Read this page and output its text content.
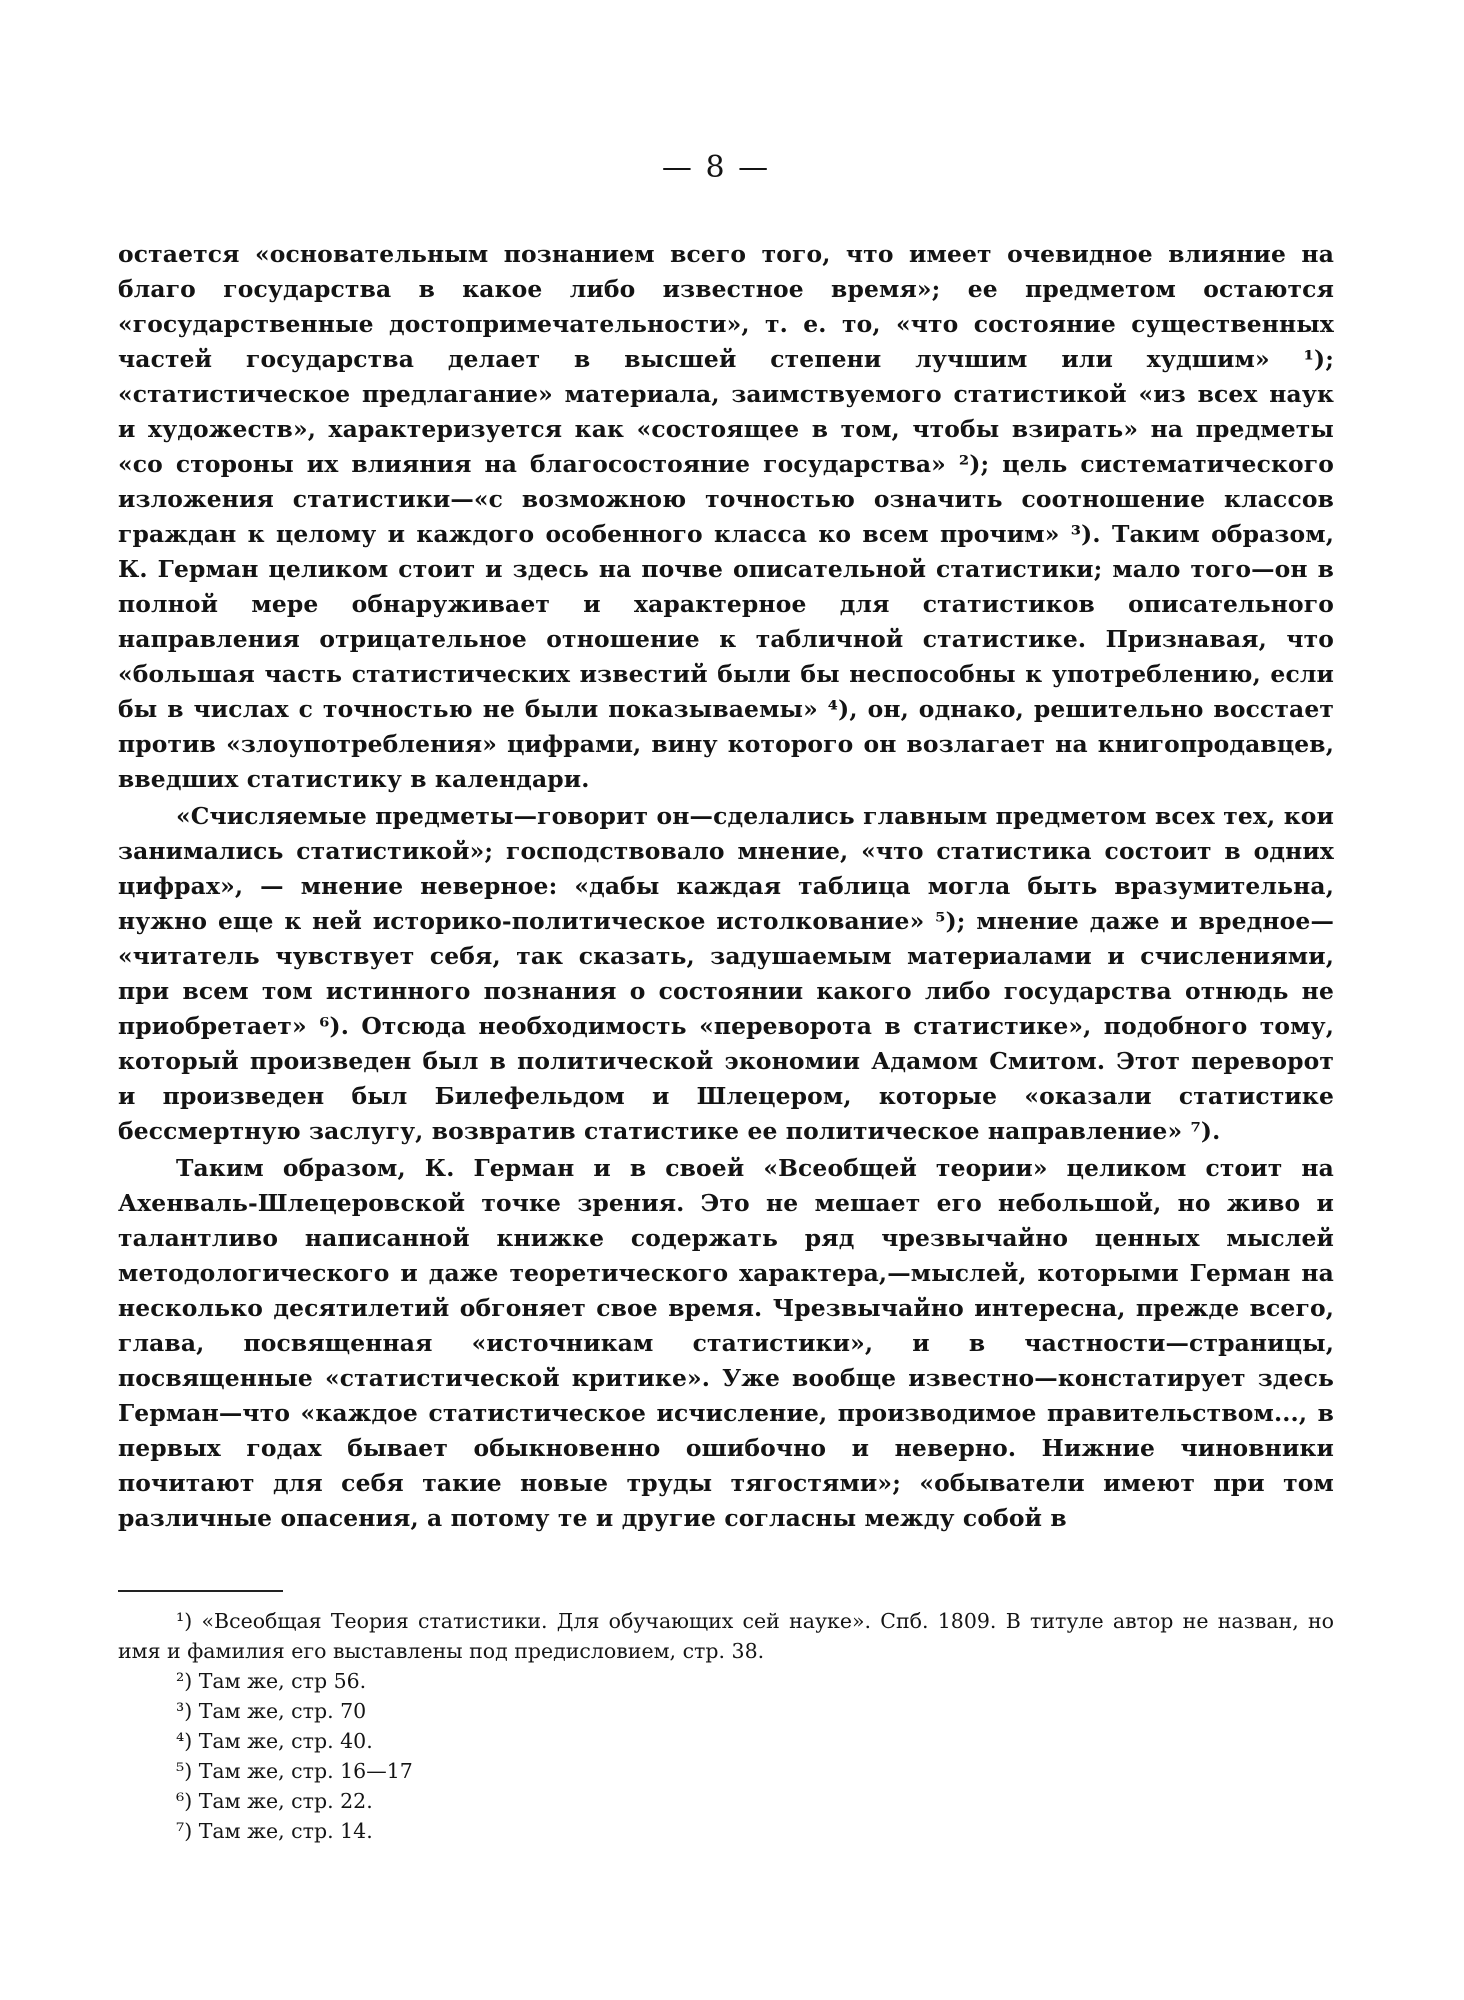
— 8 —

остается «основательным познанием всего того, что имеет очевидное влияние на благо государства в какое либо известное время»; ее предметом остаются «государственные достопримечательности», т. е. то, «что состояние существенных частей государства делает в высшей степени лучшим или худшим» ¹); «статистическое предлагание» материала, заимствуемого статистикой «из всех наук и художеств», характеризуется как «состоящее в том, чтобы взирать» на предметы «со стороны их влияния на благосостояние государства» ²); цель систематического изложения статистики—«с возможною точностью означить соотношение классов граждан к целому и каждого особенного класса ко всем прочим» ³). Таким образом, К. Герман целиком стоит и здесь на почве описательной статистики; мало того—он в полной мере обнаруживает и характерное для статистиков описательного направления отрицательное отношение к табличной статистике. Признавая, что «большая часть статистических известий были бы неспособны к употреблению, если бы в числах с точностью не были показываемы» ⁴), он, однако, решительно восстает против «злоупотребления» цифрами, вину которого он возлагает на книгопродавцев, введших статистику в календари.

«Счисляемые предметы—говорит он—сделались главным предметом всех тех, кои занимались статистикой»; господствовало мнение, «что статистика состоит в одних цифрах», — мнение неверное: «дабы каждая таблица могла быть вразумительна, нужно еще к ней историко-политическое истолкование» ⁵); мнение даже и вредное— «читатель чувствует себя, так сказать, задушаемым материалами и счислениями, при всем том истинного познания о состоянии какого либо государства отнюдь не приобретает» ⁶). Отсюда необходимость «переворота в статистике», подобного тому, который произведен был в политической экономии Адамом Смитом. Этот переворот и произведен был Билефельдом и Шлецером, которые «оказали статистике бессмертную заслугу, возвратив статистике ее политическое направление» ⁷).

Таким образом, К. Герман и в своей «Всеобщей теории» целиком стоит на Ахенваль-Шлецеровской точке зрения. Это не мешает его небольшой, но живо и талантливо написанной книжке содержать ряд чрезвычайно ценных мыслей методологического и даже теоретического характера,—мыслей, которыми Герман на несколько десятилетий обгоняет свое время. Чрезвычайно интересна, прежде всего, глава, посвященная «источникам статистики», и в частности—страницы, посвященные «статистической критике». Уже вообще известно—констатирует здесь Герман—что «каждое статистическое исчисление, производимое правительством..., в первых годах бывает обыкновенно ошибочно и неверно. Нижние чиновники почитают для себя такие новые труды тягостями»; «обыватели имеют при том различные опасения, а потому те и другие согласны между собой в

¹) «Всеобщая Теория статистики. Для обучающих сей науке». Спб. 1809. В титуле автор не назван, но имя и фамилия его выставлены под предисловием, стр. 38.

²) Там же, стр 56.

³) Там же, стр. 70

⁴) Там же, стр. 40.

⁵) Там же, стр. 16—17

⁶) Там же, стр. 22.

⁷) Там же, стр. 14.
